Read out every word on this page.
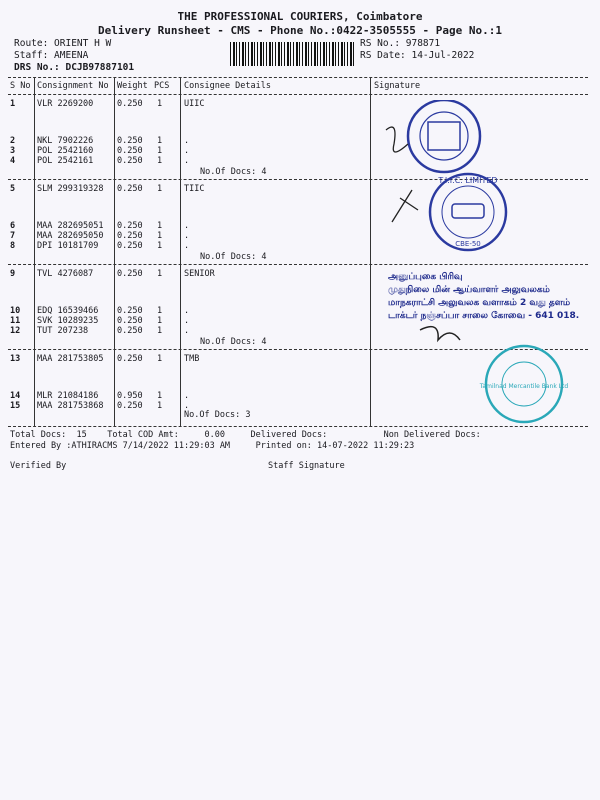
THE PROFESSIONAL COURIERS, Coimbatore
Delivery Runsheet - CMS - Phone No.:0422-3505555 - Page No.:1
Route: ORIENT H W
Staff: AMEENA
DRS No.: DCJB97887101
RS No.: 978871
RS Date: 14-Jul-2022
S No Consignment No Weight PCS Consignee Details	Signature
1	VLR 2269200	0.250 1	UIIC
2	NKL 7902226	0.250 1	.
3	POL 2542160	0.250 1	.
4	POL 2542161	0.250 1	.
No.Of Docs: 4
5	SLM 299319328 0.250 1	TIIC
6	MAA 282695051 0.250 1	.
7	MAA 282695050 0.250 1	.
8	DPI 10181709 0.250 1	.
No.Of Docs: 4
9	TVL 4276087	0.250 1	SENIOR
10 EDQ 16539466 0.250 1	.
11 SVK 10289235 0.250 1	.
12 TUT 207238	0.250 1	.
No.Of Docs: 4
13 MAA 281753805 0.250 1	TMB
14 MLR 21084186 0.950 1	.
15 MAA 281753868 0.250 1	.
No.Of Docs: 3
Total Docs:  15    Total COD Amt:     0.00     Delivered Docs:           Non Delivered Docs:
Entered By :ATHIRACMS 7/14/2022 11:29:03 AM     Printed on: 14-07-2022 11:29:23
Verified By	Staff Signature
T.I.I.C. LIMITED
CBE-50
Tamilnad Mercantile Bank Ltd
அனுப்புகை பிரிவு
முதுநிலை மின் ஆய்வாளர் அலுவலகம்
மாநகராட்சி அலுவலக வளாகம் 2 வது தளம்
டாக்டர் நஞ்சப்பா சாலை கோவை - 641 018.
